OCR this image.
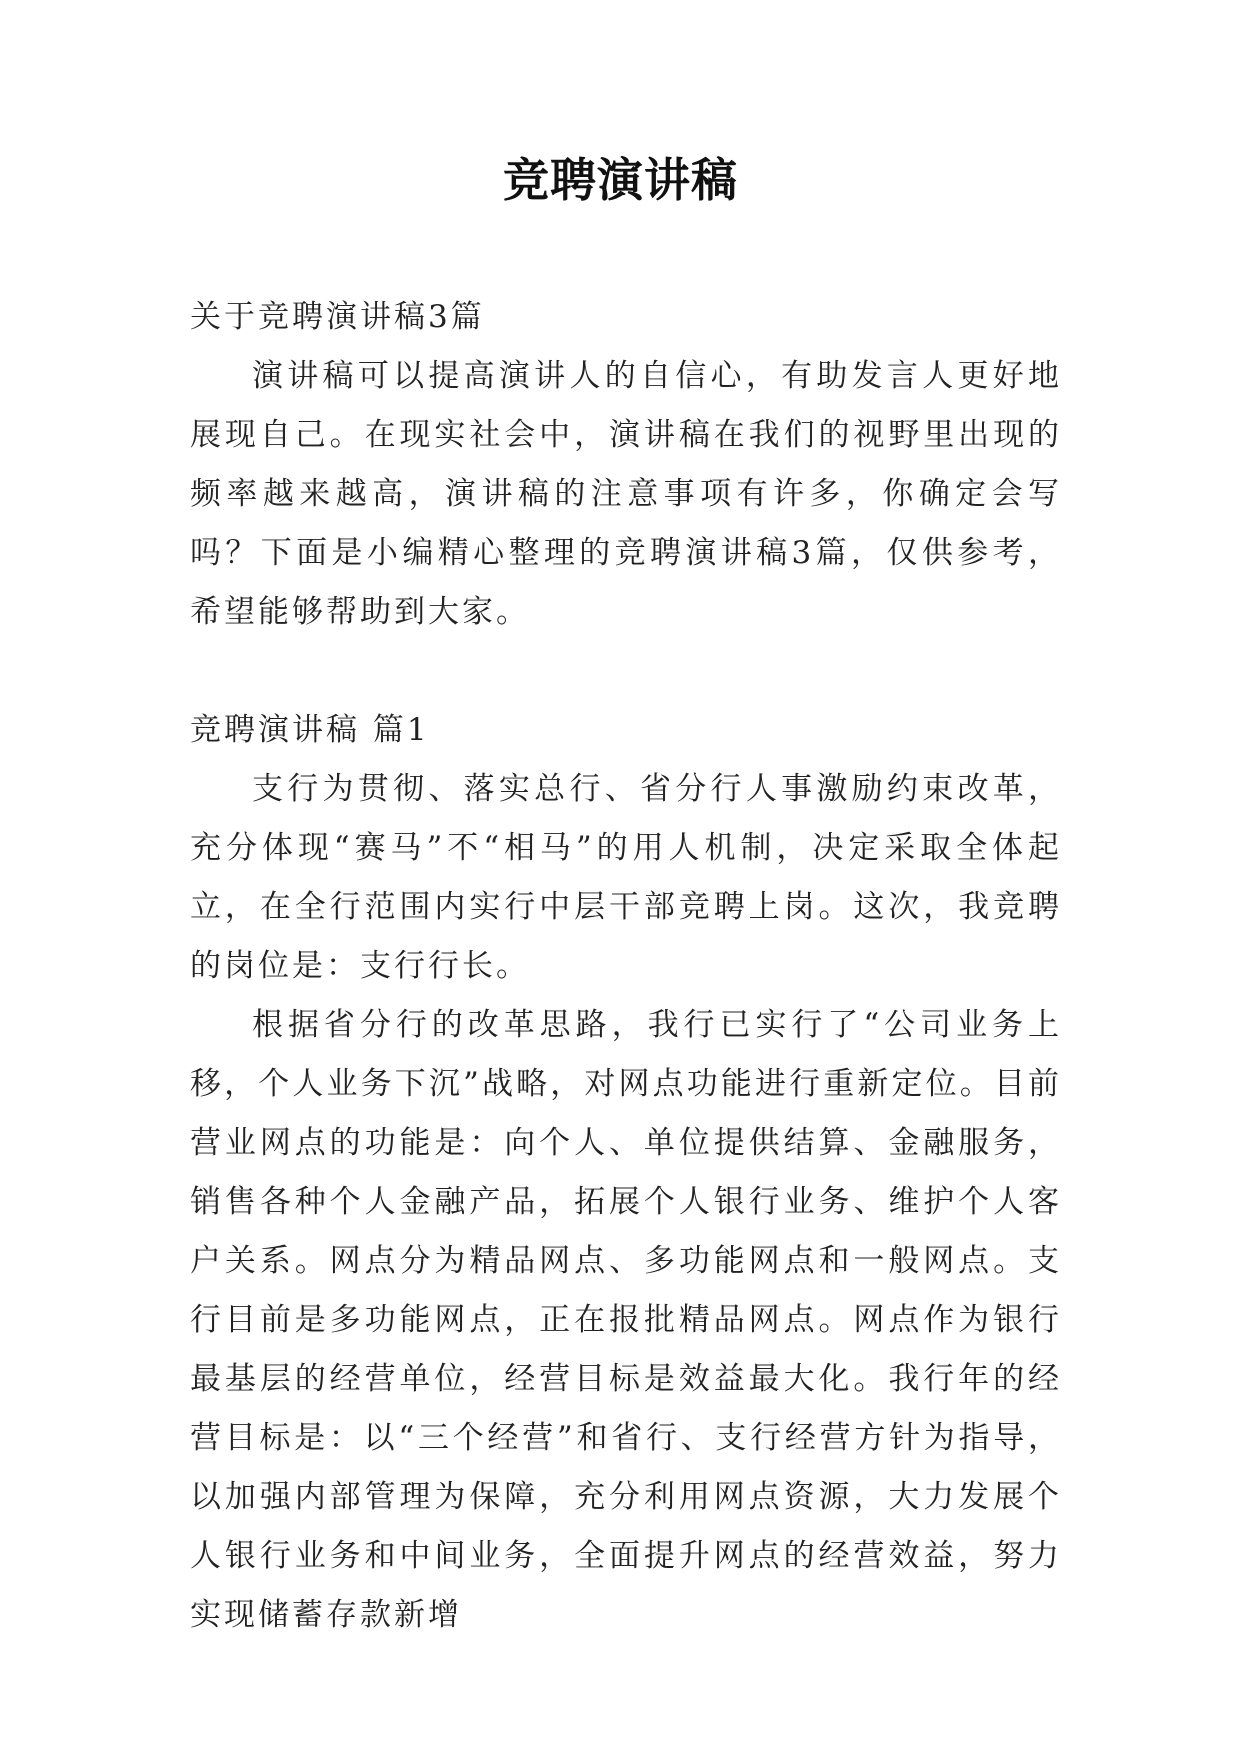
竞聘演讲稿

关于竞聘演讲稿3篇

演讲稿可以提高演讲人的自信心，有助发言人更好地展现自己。在现实社会中，演讲稿在我们的视野里出现的频率越来越高，演讲稿的注意事项有许多，你确定会写吗？下面是小编精心整理的竞聘演讲稿3篇，仅供参考，希望能够帮助到大家。

竞聘演讲稿 篇1

支行为贯彻、落实总行、省分行人事激励约束改革，充分体现“赛马”不“相马”的用人机制，决定采取全体起立，在全行范围内实行中层干部竞聘上岗。这次，我竞聘的岗位是：支行行长。

根据省分行的改革思路，我行已实行了“公司业务上移，个人业务下沉”战略，对网点功能进行重新定位。目前营业网点的功能是：向个人、单位提供结算、金融服务，销售各种个人金融产品，拓展个人银行业务、维护个人客户关系。网点分为精品网点、多功能网点和一般网点。支行目前是多功能网点，正在报批精品网点。网点作为银行最基层的经营单位，经营目标是效益最大化。我行年的经营目标是：以“三个经营”和省行、支行经营方针为指导，以加强内部管理为保障，充分利用网点资源，大力发展个人银行业务和中间业务，全面提升网点的经营效益，努力实现储蓄存款新增
